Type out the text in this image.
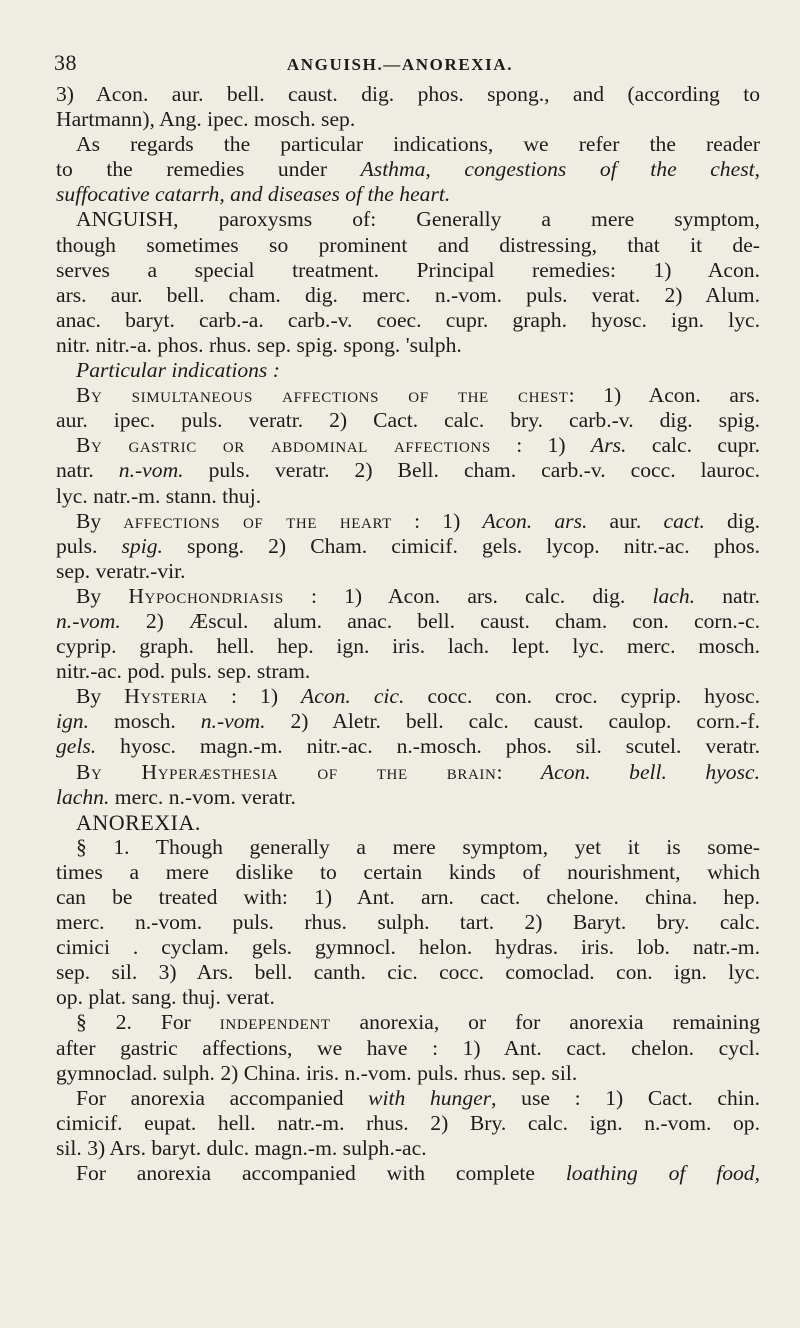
38	ANGUISH.—ANOREXIA.
3) Acon. aur. bell. caust. dig. phos. spong., and (according to
Hartmann), Ang. ipec. mosch. sep.
As regards the particular indications, we refer the reader
to the remedies under Asthma, congestions of the chest,
suffocative catarrh, and diseases of the heart.
ANGUISH, paroxysms of: Generally a mere symptom,
though sometimes so prominent and distressing, that it de-
serves a special treatment. Principal remedies: 1) Acon.
ars. aur. bell. cham. dig. merc. n.-vom. puls. verat. 2) Alum.
anac. baryt. carb.-a. carb.-v. coec. cupr. graph. hyosc. ign. lyc.
nitr. nitr.-a. phos. rhus. sep. spig. spong. 'sulph.
Particular indications :
By simultaneous affections of the chest: 1) Acon. ars.
aur. ipec. puls. veratr. 2) Cact. calc. bry. carb.-v. dig. spig.
By gastric or abdominal affections : 1) Ars. calc. cupr.
natr. n.-vom. puls. veratr. 2) Bell. cham. carb.-v. cocc. lauroc.
lyc. natr.-m. stann. thuj.
By affections of the heart : 1) Acon. ars. aur. cact. dig.
puls. spig. spong. 2) Cham. cimicif. gels. lycop. nitr.-ac. phos.
sep. veratr.-vir.
By Hypochondriasis : 1) Acon. ars. calc. dig. lach. natr.
n.-vom. 2) Æscul. alum. anac. bell. caust. cham. con. corn.-c.
cyprip. graph. hell. hep. ign. iris. lach. lept. lyc. merc. mosch.
nitr.-ac. pod. puls. sep. stram.
By Hysteria : 1) Acon. cic. cocc. con. croc. cyprip. hyosc.
ign. mosch. n.-vom. 2) Aletr. bell. calc. caust. caulop. corn.-f.
gels. hyosc. magn.-m. nitr.-ac. n.-mosch. phos. sil. scutel. veratr.
By Hyperæsthesia of the brain: Acon. bell. hyosc.
lachn. merc. n.-vom. veratr.
ANOREXIA.
§ 1. Though generally a mere symptom, yet it is some-
times a mere dislike to certain kinds of nourishment, which
can be treated with: 1) Ant. arn. cact. chelone. china. hep.
merc. n.-vom. puls. rhus. sulph. tart. 2) Baryt. bry. calc.
cimici . cyclam. gels. gymnocl. helon. hydras. iris. lob. natr.-m.
sep. sil. 3) Ars. bell. canth. cic. cocc. comoclad. con. ign. lyc.
op. plat. sang. thuj. verat.
§ 2. For independent anorexia, or for anorexia remaining
after gastric affections, we have : 1) Ant. cact. chelon. cycl.
gymnoclad. sulph. 2) China. iris. n.-vom. puls. rhus. sep. sil.
For anorexia accompanied with hunger, use : 1) Cact. chin.
cimicif. eupat. hell. natr.-m. rhus. 2) Bry. calc. ign. n.-vom. op.
sil. 3) Ars. baryt. dulc. magn.-m. sulph.-ac.
For anorexia accompanied with complete loathing of food,
